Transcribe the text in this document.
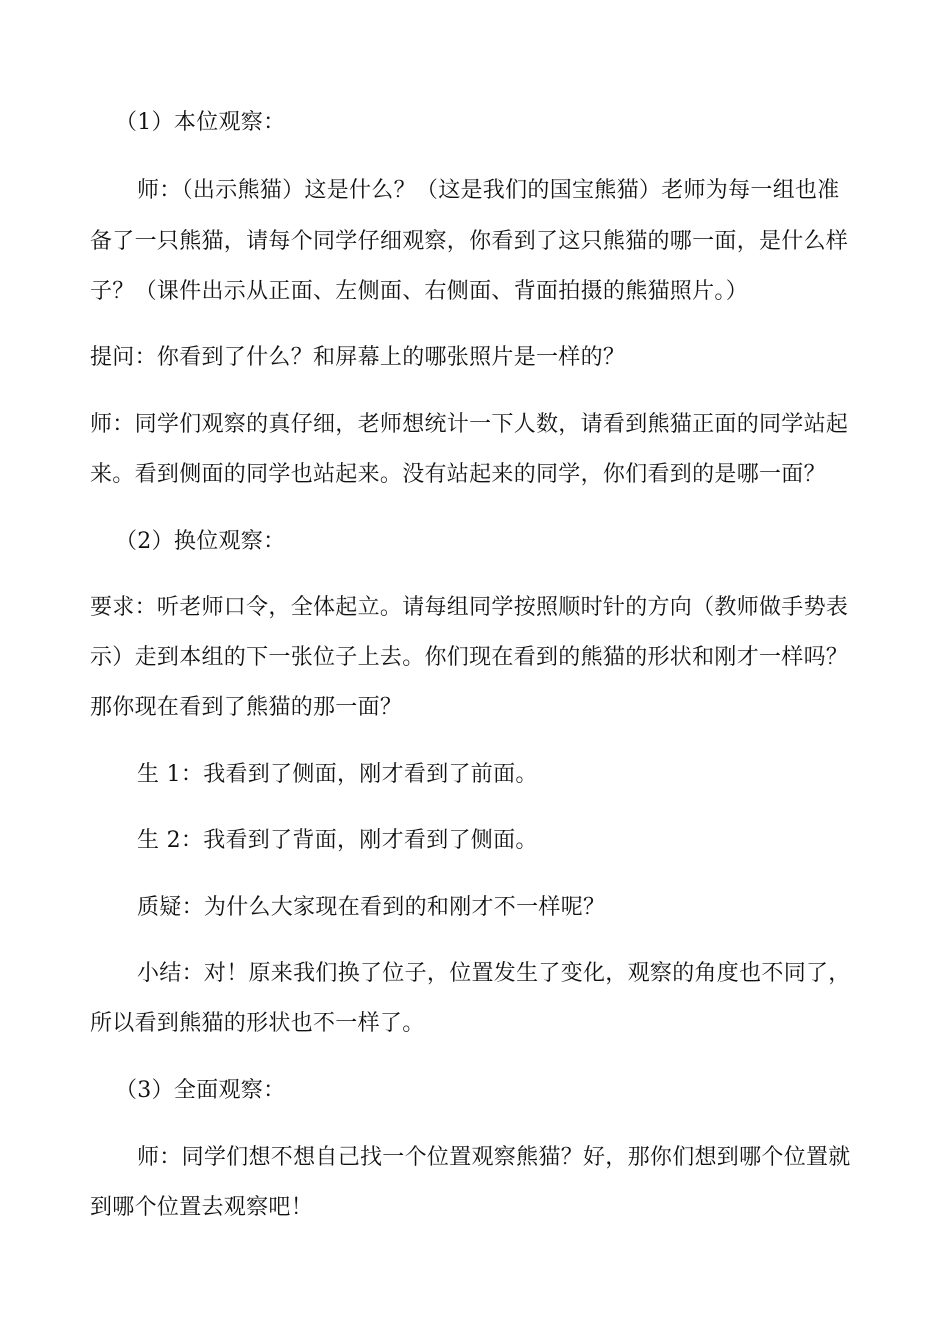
（1）本位观察：
师：（出示熊猫）这是什么？（这是我们的国宝熊猫）老师为每一组也准
备了一只熊猫，请每个同学仔细观察，你看到了这只熊猫的哪一面，是什么样
子？（课件出示从正面、左侧面、右侧面、背面拍摄的熊猫照片。）
提问：你看到了什么？和屏幕上的哪张照片是一样的？
师：同学们观察的真仔细，老师想统计一下人数，请看到熊猫正面的同学站起
来。看到侧面的同学也站起来。没有站起来的同学，你们看到的是哪一面？
（2）换位观察：
要求：听老师口令，全体起立。请每组同学按照顺时针的方向（教师做手势表
示）走到本组的下一张位子上去。你们现在看到的熊猫的形状和刚才一样吗？
那你现在看到了熊猫的那一面？
生 1：我看到了侧面，刚才看到了前面。
生 2：我看到了背面，刚才看到了侧面。
质疑：为什么大家现在看到的和刚才不一样呢？
小结：对！原来我们换了位子，位置发生了变化，观察的角度也不同了，
所以看到熊猫的形状也不一样了。
（3）全面观察：
师：同学们想不想自己找一个位置观察熊猫？好，那你们想到哪个位置就
到哪个位置去观察吧！
